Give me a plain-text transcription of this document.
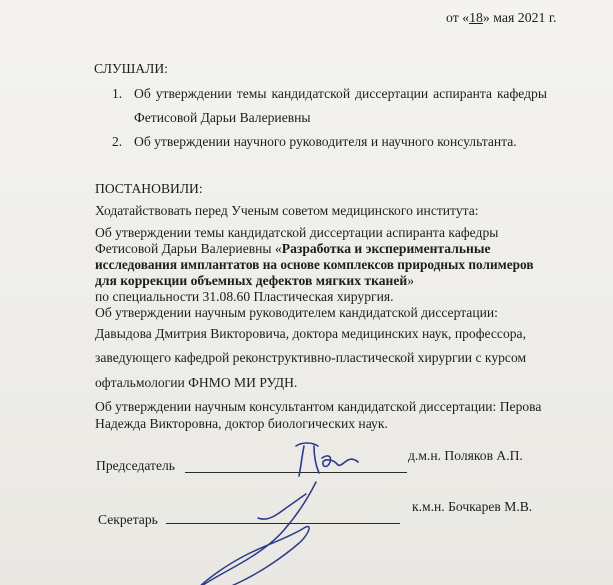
от «18» мая 2021 г.
СЛУШАЛИ:
1. Об утверждении темы кандидатской диссертации аспиранта кафедры
Фетисовой Дарьи Валериевны
2. Об утверждении научного руководителя и научного консультанта.
ПОСТАНОВИЛИ:
Ходатайствовать перед Ученым советом медицинского института:
Об утверждении темы кандидатской диссертации аспиранта кафедры
Фетисовой Дарьи Валериевны «Разработка и экспериментальные
исследования имплантатов на основе комплексов природных полимеров
для коррекции объемных дефектов мягких тканей»
по специальности 31.08.60 Пластическая хирургия.
Об утверждении научным руководителем кандидатской диссертации:
Давыдова Дмитрия Викторовича, доктора медицинских наук, профессора,
заведующего кафедрой реконструктивно-пластической хирургии с курсом
офтальмологии ФНМО МИ РУДН.
Об утверждении научным консультантом кандидатской диссертации: Перова
Надежда Викторовна, доктор биологических наук.
Председатель
д.м.н. Поляков А.П.
Секретарь
к.м.н. Бочкарев М.В.
